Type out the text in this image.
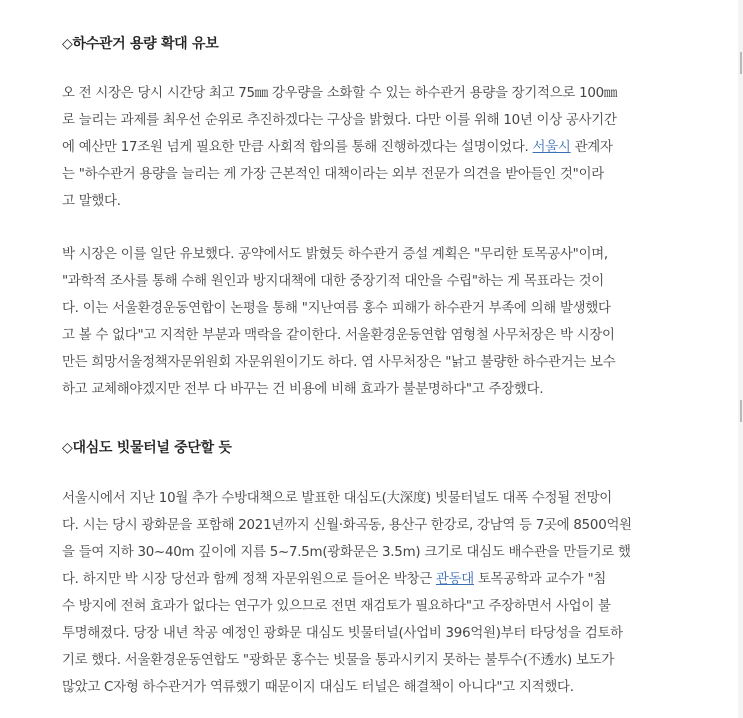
◇하수관거 용량 확대 유보
오 전 시장은 당시 시간당 최고 75㎜ 강우량을 소화할 수 있는 하수관거 용량을 장기적으로 100㎜
로 늘리는 과제를 최우선 순위로 추진하겠다는 구상을 밝혔다. 다만 이를 위해 10년 이상 공사기간
에 예산만 17조원 넘게 필요한 만큼 사회적 합의를 통해 진행하겠다는 설명이었다. 서울시 관계자
는 "하수관거 용량을 늘리는 게 가장 근본적인 대책이라는 외부 전문가 의견을 받아들인 것"이라
고 말했다.
박 시장은 이를 일단 유보했다. 공약에서도 밝혔듯 하수관거 증설 계획은 "무리한 토목공사"이며,
"과학적 조사를 통해 수해 원인과 방지대책에 대한 중장기적 대안을 수립"하는 게 목표라는 것이
다. 이는 서울환경운동연합이 논평을 통해 "지난여름 홍수 피해가 하수관거 부족에 의해 발생했다
고 볼 수 없다"고 지적한 부분과 맥락을 같이한다. 서울환경운동연합 염형철 사무처장은 박 시장이
만든 희망서울정책자문위원회 자문위원이기도 하다. 염 사무처장은 "낡고 불량한 하수관거는 보수
하고 교체해야겠지만 전부 다 바꾸는 건 비용에 비해 효과가 불분명하다"고 주장했다.
◇대심도 빗물터널 중단할 듯
서울시에서 지난 10월 추가 수방대책으로 발표한 대심도(大深度) 빗물터널도 대폭 수정될 전망이
다. 시는 당시 광화문을 포함해 2021년까지 신월·화곡동, 용산구 한강로, 강남역 등 7곳에 8500억원
을 들여 지하 30~40m 깊이에 지름 5~7.5m(광화문은 3.5m) 크기로 대심도 배수관을 만들기로 했
다. 하지만 박 시장 당선과 함께 정책 자문위원으로 들어온 박창근 관동대 토목공학과 교수가 "침
수 방지에 전혀 효과가 없다는 연구가 있으므로 전면 재검토가 필요하다"고 주장하면서 사업이 불
투명해졌다. 당장 내년 착공 예정인 광화문 대심도 빗물터널(사업비 396억원)부터 타당성을 검토하
기로 했다. 서울환경운동연합도 "광화문 홍수는 빗물을 통과시키지 못하는 불투수(不透水) 보도가
많았고 C자형 하수관거가 역류했기 때문이지 대심도 터널은 해결책이 아니다"고 지적했다.
